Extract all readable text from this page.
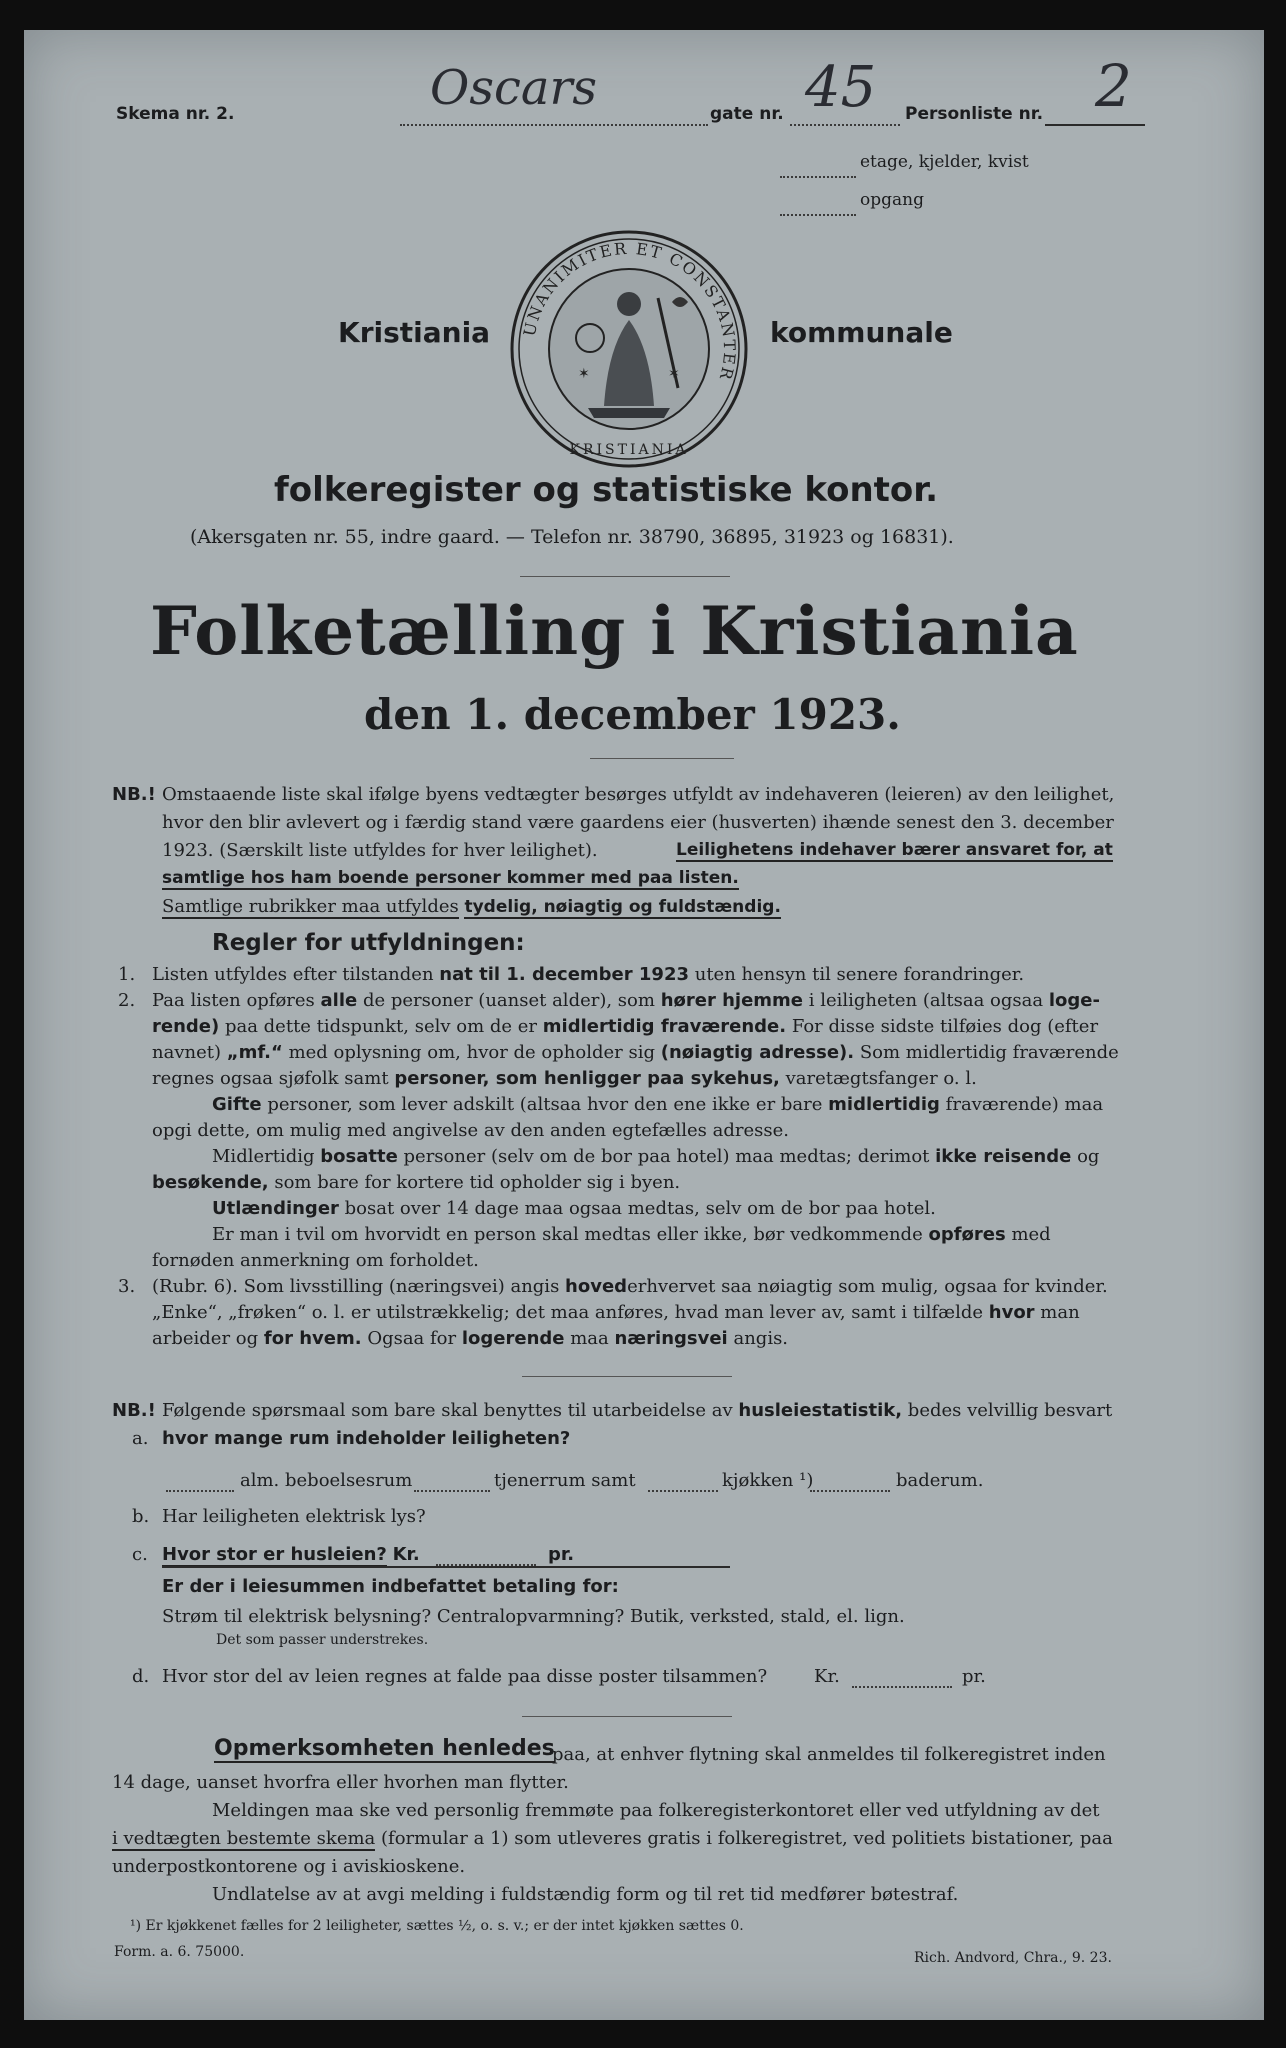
Skema nr. 2.	Oscars	gate nr. 45 Personliste nr. 2
etage, kjelder, kvist
opgang
Kristiania	kommunale
UNANIMITER ET CONSTANTER
KRISTIANIA
✶	✶
folkeregister og statistiske kontor.
(Akersgaten nr. 55, indre gaard. — Telefon nr. 38790, 36895, 31923 og 16831).
Folketælling i Kristiania
den 1. december 1923.
NB.! Omstaaende liste skal ifølge byens vedtægter besørges utfyldt av indehaveren (leieren) av den leilighet,
hvor den blir avlevert og i færdig stand være gaardens eier (husverten) ihænde senest den 3. december
1923. (Særskilt liste utfyldes for hver leilighet).	Leilighetens indehaver bærer ansvaret for, at
samtlige hos ham boende personer kommer med paa listen.
Samtlige rubrikker maa utfyldes tydelig, nøiagtig og fuldstændig.
Regler for utfyldningen:
1. Listen utfyldes efter tilstanden nat til 1. december 1923 uten hensyn til senere forandringer.
2. Paa listen opføres alle de personer (uanset alder), som hører hjemme i leiligheten (altsaa ogsaa loge-
rende) paa dette tidspunkt, selv om de er midlertidig fraværende. For disse sidste tilføies dog (efter
navnet) „mf.“ med oplysning om, hvor de opholder sig (nøiagtig adresse). Som midlertidig fraværende
regnes ogsaa sjøfolk samt personer, som henligger paa sykehus, varetægtsfanger o. l.
Gifte personer, som lever adskilt (altsaa hvor den ene ikke er bare midlertidig fraværende) maa
opgi dette, om mulig med angivelse av den anden egtefælles adresse.
Midlertidig bosatte personer (selv om de bor paa hotel) maa medtas; derimot ikke reisende og
besøkende, som bare for kortere tid opholder sig i byen.
Utlændinger bosat over 14 dage maa ogsaa medtas, selv om de bor paa hotel.
Er man i tvil om hvorvidt en person skal medtas eller ikke, bør vedkommende opføres med
fornøden anmerkning om forholdet.
3. (Rubr. 6). Som livsstilling (næringsvei) angis hovederhvervet saa nøiagtig som mulig, ogsaa for kvinder.
„Enke“, „frøken“ o. l. er utilstrækkelig; det maa anføres, hvad man lever av, samt i tilfælde hvor man
arbeider og for hvem. Ogsaa for logerende maa næringsvei angis.
NB.! Følgende spørsmaal som bare skal benyttes til utarbeidelse av husleiestatistik, bedes velvillig besvart
a. hvor mange rum indeholder leiligheten?
alm. beboelsesrum	tjenerrum samt	kjøkken ¹)	baderum.
b. Har leiligheten elektrisk lys?
c. Hvor stor er husleien? Kr.	pr.
Er der i leiesummen indbefattet betaling for:
Strøm til elektrisk belysning? Centralopvarmning? Butik, verksted, stald, el. lign.
Det som passer understrekes.
d. Hvor stor del av leien regnes at falde paa disse poster tilsammen?	Kr.	pr.
Opmerksomheten henledes
paa, at enhver flytning skal anmeldes til folkeregistret inden
14 dage, uanset hvorfra eller hvorhen man flytter.
Meldingen maa ske ved personlig fremmøte paa folkeregisterkontoret eller ved utfyldning av det
i vedtægten bestemte skema (formular a 1) som utleveres gratis i folkeregistret, ved politiets bistationer, paa
underpostkontorene og i aviskioskene.
Undlatelse av at avgi melding i fuldstændig form og til ret tid medfører bøtestraf.
¹) Er kjøkkenet fælles for 2 leiligheter, sættes ½, o. s. v.; er der intet kjøkken sættes 0.
Form. a. 6. 75000.	Rich. Andvord, Chra., 9. 23.
